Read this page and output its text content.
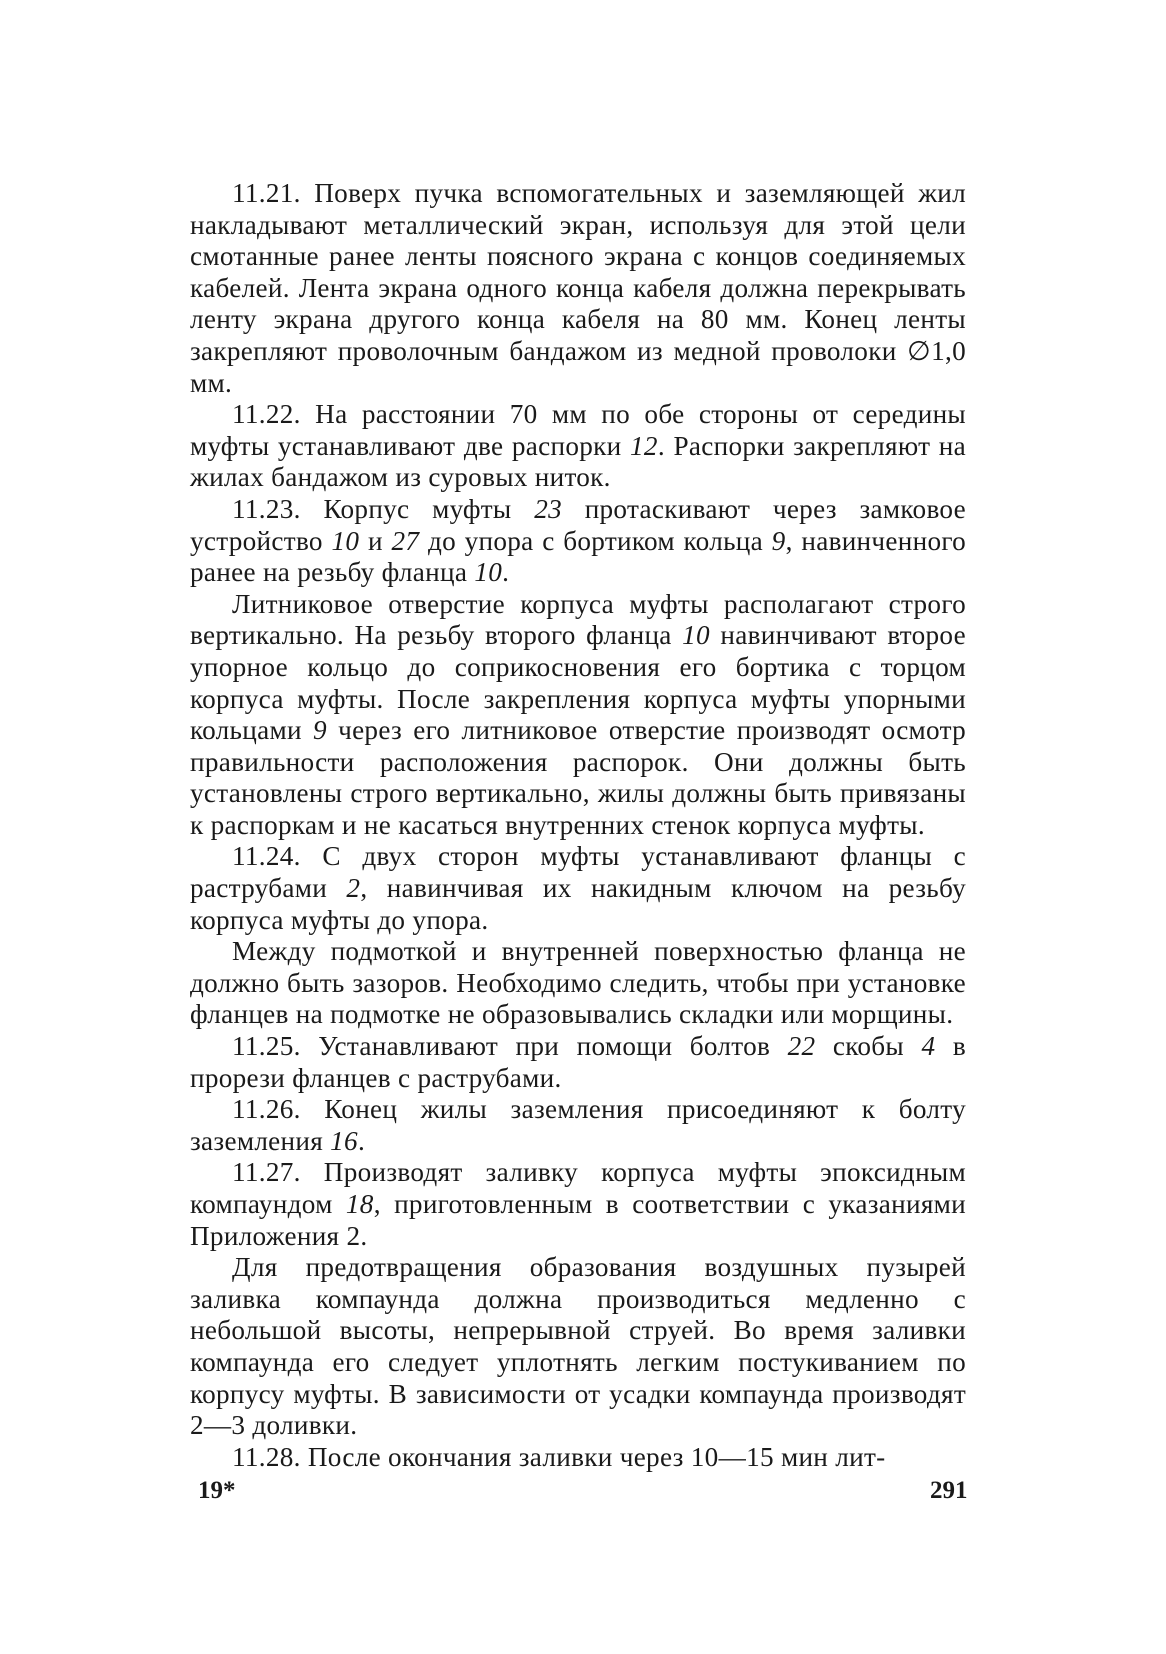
11.21. Поверх пучка вспомогательных и заземляющей жил накладывают металлический экран, используя для этой цели смотанные ранее ленты поясного экрана с концов соединяемых кабелей. Лента экрана одного конца кабеля должна перекрывать ленту экрана другого конца кабеля на 80 мм. Конец ленты закрепляют проволочным бандажом из медной проволоки ∅1,0 мм.

11.22. На расстоянии 70 мм по обе стороны от середины муфты устанавливают две распорки 12. Распорки закрепляют на жилах бандажом из суровых ниток.

11.23. Корпус муфты 23 протаскивают через замковое устройство 10 и 27 до упора с бортиком кольца 9, навинченного ранее на резьбу фланца 10.

Литниковое отверстие корпуса муфты располагают строго вертикально. На резьбу второго фланца 10 навинчивают второе упорное кольцо до соприкосновения его бортика с торцом корпуса муфты. После закрепления корпуса муфты упорными кольцами 9 через его литниковое отверстие производят осмотр правильности расположения распорок. Они должны быть установлены строго вертикально, жилы должны быть привязаны к распоркам и не касаться внутренних стенок корпуса муфты.

11.24. С двух сторон муфты устанавливают фланцы с раструбами 2, навинчивая их накидным ключом на резьбу корпуса муфты до упора.

Между подмоткой и внутренней поверхностью фланца не должно быть зазоров. Необходимо следить, чтобы при установке фланцев на подмотке не образовывались складки или морщины.

11.25. Устанавливают при помощи болтов 22 скобы 4 в прорези фланцев с раструбами.

11.26. Конец жилы заземления присоединяют к болту заземления 16.

11.27. Производят заливку корпуса муфты эпоксидным компаундом 18, приготовленным в соответствии с указаниями Приложения 2.

Для предотвращения образования воздушных пузырей заливка компаунда должна производиться медленно с небольшой высоты, непрерывной струей. Во время заливки компаунда его следует уплотнять легким постукиванием по корпусу муфты. В зависимости от усадки компаунда производят 2—3 доливки.

11.28. После окончания заливки через 10—15 мин лит-

19*	291
